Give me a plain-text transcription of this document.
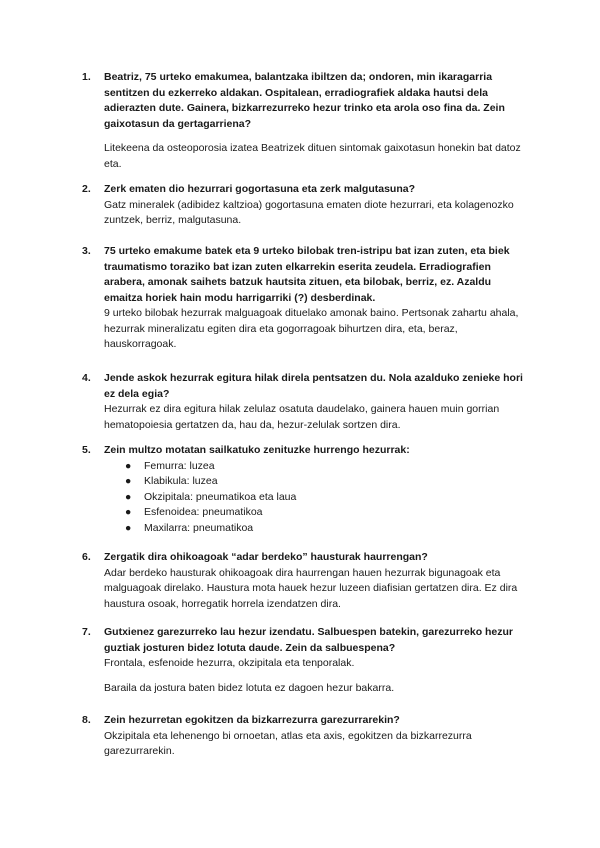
1. Beatriz, 75 urteko emakumea, balantzaka ibiltzen da; ondoren, min ikaragarria sentitzen du ezkerreko aldakan. Ospitalean, erradiografiek aldaka hautsi dela adierazten dute. Gainera, bizkarrezurreko hezur trinko eta arola oso fina da. Zein gaixotasun da gertagarriena?

Litekeena da osteoporosia izatea Beatrizek dituen sintomak gaixotasun honekin bat datoz eta.

2. Zerk ematen dio hezurrari gogortasuna eta zerk malgutasuna?

Gatz mineralek (adibidez kaltzioa) gogortasuna ematen diote hezurrari, eta kolagenozko zuntzek, berriz, malgutasuna.

3. 75 urteko emakume batek eta 9 urteko bilobak tren-istripu bat izan zuten, eta biek traumatismo toraziko bat izan zuten elkarrekin eserita zeudela. Erradiografien arabera, amonak saihets batzuk hautsita zituen, eta bilobak, berriz, ez. Azaldu emaitza horiek hain modu harrigarriki (?) desberdinak.

9 urteko bilobak hezurrak malguagoak dituelako amonak baino. Pertsonak zahartu ahala, hezurrak mineralizatu egiten dira eta gogorragoak bihurtzen dira, eta, beraz, hauskorragoak.

4. Jende askok hezurrak egitura hilak direla pentsatzen du. Nola azalduko zenieke hori ez dela egia?

Hezurrak ez dira egitura hilak zelulaz osatuta daudelako, gainera hauen muin gorrian hematopoiesia gertatzen da, hau da, hezur-zelulak sortzen dira.

5. Zein multzo motatan sailkatuko zenituzke hurrengo hezurrak:

● Femurra: luzea
● Klabikula: luzea
● Okzipitala: pneumatikoa eta laua
● Esfenoidea: pneumatikoa
● Maxilarra: pneumatikoa
6. Zergatik dira ohikoagoak “adar berdeko” hausturak haurrengan?

Adar berdeko hausturak ohikoagoak dira haurrengan hauen hezurrak bigunagoak eta malguagoak direlako. Haustura mota hauek hezur luzeen diafisian gertatzen dira. Ez dira haustura osoak, horregatik horrela izendatzen dira.

7. Gutxienez garezurreko lau hezur izendatu. Salbuespen batekin, garezurreko hezur guztiak josturen bidez lotuta daude. Zein da salbuespena?

Frontala, esfenoide hezurra, okzipitala eta tenporalak.

Baraila da jostura baten bidez lotuta ez dagoen hezur bakarra.

8. Zein hezurretan egokitzen da bizkarrezurra garezurrarekin?

Okzipitala eta lehenengo bi ornoetan, atlas eta axis, egokitzen da bizkarrezurra garezurrarekin.
